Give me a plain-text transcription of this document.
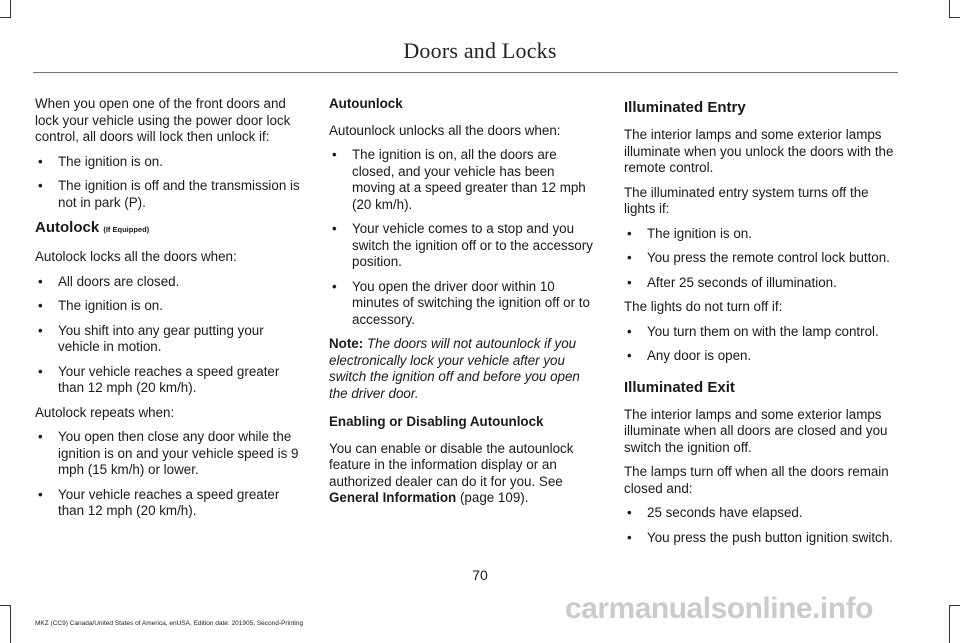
Doors and Locks

When you open one of the front doors and lock your vehicle using the power door lock control, all doors will lock then unlock if:

• The ignition is on.
• The ignition is off and the transmission is not in park (P).
Autolock (If Equipped)

Autolock locks all the doors when:

• All doors are closed.
• The ignition is on.
• You shift into any gear putting your vehicle in motion.
• Your vehicle reaches a speed greater than 12 mph (20 km/h).

Autolock repeats when:

• You open then close any door while the ignition is on and your vehicle speed is 9 mph (15 km/h) or lower.
• Your vehicle reaches a speed greater than 12 mph (20 km/h).
Autounlock

Autounlock unlocks all the doors when:

• The ignition is on, all the doors are closed, and your vehicle has been moving at a speed greater than 12 mph (20 km/h).
• Your vehicle comes to a stop and you switch the ignition off or to the accessory position.
• You open the driver door within 10 minutes of switching the ignition off or to accessory.

Note: The doors will not autounlock if you electronically lock your vehicle after you switch the ignition off and before you open the driver door.

Enabling or Disabling Autounlock

You can enable or disable the autounlock feature in the information display or an authorized dealer can do it for you. See
General Information (page 109).

Illuminated Entry

The interior lamps and some exterior lamps illuminate when you unlock the doors with the remote control.

The illuminated entry system turns off the lights if:

• The ignition is on.
• You press the remote control lock button.
• After 25 seconds of illumination.

The lights do not turn off if:

• You turn them on with the lamp control.
• Any door is open.
Illuminated Exit

The interior lamps and some exterior lamps illuminate when all doors are closed and you switch the ignition off.

The lamps turn off when all the doors remain closed and:

• 25 seconds have elapsed.
• You press the push button ignition switch.
70
MKZ (CC9) Canada/United States of America, enUSA, Edition date: 201905, Second-Printing	carmanualsonline.info
